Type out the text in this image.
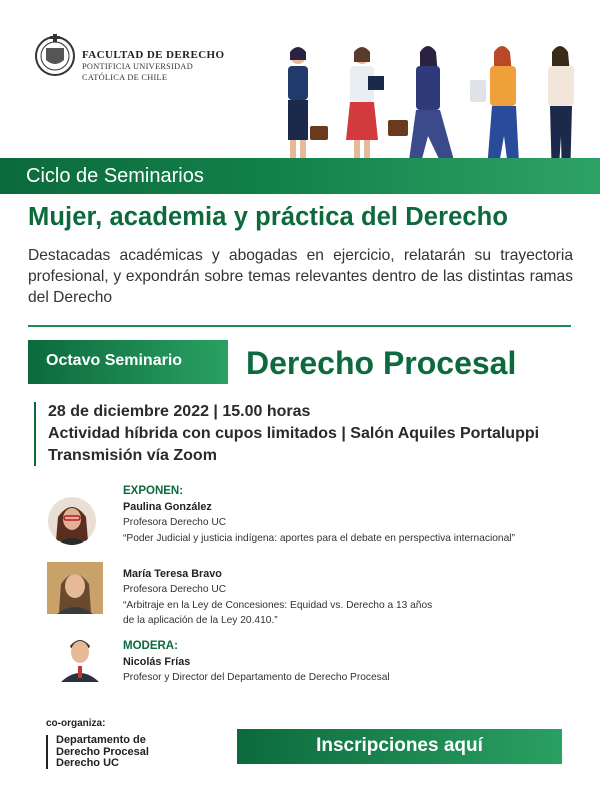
FACULTAD DE DERECHO
PONTIFICIA UNIVERSIDAD
CATÓLICA DE CHILE
Ciclo de Seminarios
Mujer, academia y práctica del Derecho
Destacadas académicas y abogadas en ejercicio, relatarán su trayectoria profesional, y expondrán sobre temas relevantes dentro de las distintas ramas del Derecho
Octavo Seminario Derecho Procesal
28 de diciembre 2022 | 15.00 horas
Actividad híbrida con cupos limitados | Salón Aquiles Portaluppi
Transmisión vía Zoom
EXPONEN:
Paulina González
Profesora Derecho UC
“Poder Judicial y justicia indígena: aportes para el debate en perspectiva internacional”
María Teresa Bravo
Profesora Derecho UC
“Arbitraje en la Ley de Concesiones: Equidad vs. Derecho a 13 años
de la aplicación de la Ley 20.410.”
MODERA:
Nicolás Frías
Profesor y Director del Departamento de Derecho Procesal
co-organiza:
Departamento de
Derecho Procesal
Derecho UC
Inscripciones aquí
